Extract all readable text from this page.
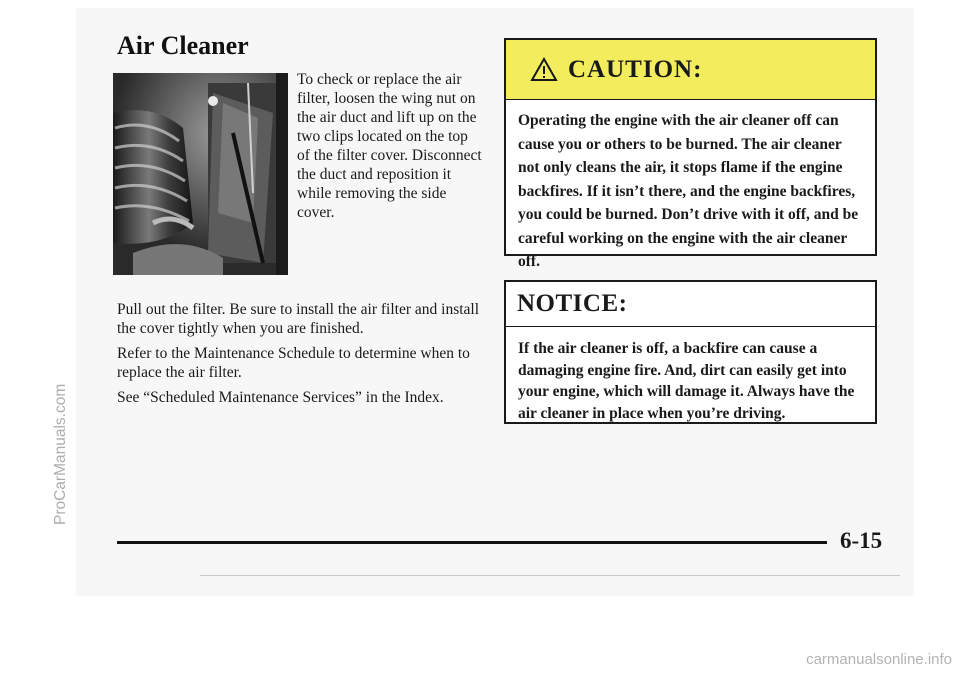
Air Cleaner

To check or replace the air filter, loosen the wing nut on the air duct and lift up on the two clips located on the top of the filter cover. Disconnect the duct and reposition it while removing the side cover.

Pull out the filter. Be sure to install the air filter and install the cover tightly when you are finished.

Refer to the Maintenance Schedule to determine when to replace the air filter.

See “Scheduled Maintenance Services” in the Index.

CAUTION:
Operating the engine with the air cleaner off can cause you or others to be burned. The air cleaner not only cleans the air, it stops flame if the engine backfires. If it isn’t there, and the engine backfires, you could be burned. Don’t drive with it off, and be careful working on the engine with the air cleaner off.
NOTICE:
If the air cleaner is off, a backfire can cause a damaging engine fire. And, dirt can easily get into your engine, which will damage it. Always have the air cleaner in place when you’re driving.
6-15
ProCarManuals.com
carmanualsonline.info
